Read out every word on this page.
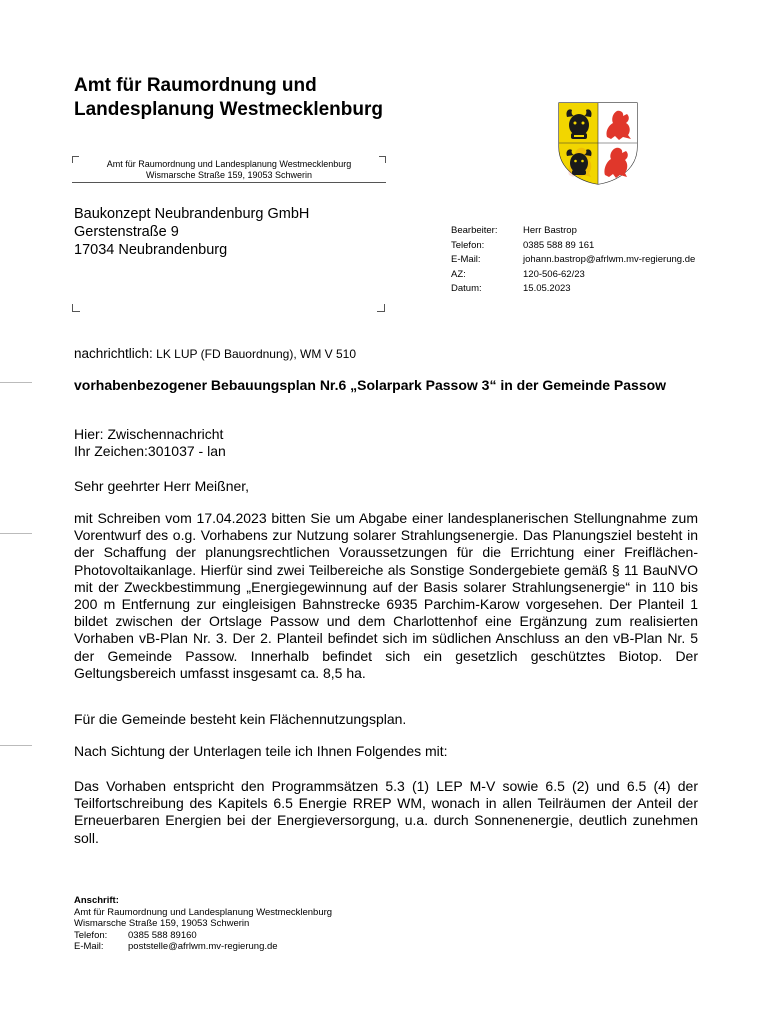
Amt für Raumordnung und
Landesplanung Westmecklenburg
Amt für Raumordnung und Landesplanung Westmecklenburg
Wismarsche Straße 159, 19053 Schwerin
Baukonzept Neubrandenburg GmbH
Gerstenstraße 9
17034 Neubrandenburg
Bearbeiter:	Herr Bastrop
Telefon:	0385 588 89 161
E-Mail:	johann.bastrop@afrlwm.mv-regierung.de
AZ:	120-506-62/23
Datum:	15.05.2023
nachrichtlich: LK LUP (FD Bauordnung), WM V 510
vorhabenbezogener Bebauungsplan Nr.6 „Solarpark Passow 3“ in der Gemeinde Passow
Hier: Zwischennachricht
Ihr Zeichen:301037 - lan
Sehr geehrter Herr Meißner,
mit Schreiben vom 17.04.2023 bitten Sie um Abgabe einer landesplanerischen Stellungnahme zum Vorentwurf des o.g. Vorhabens zur Nutzung solarer Strahlungsenergie. Das Planungsziel besteht in der Schaffung der planungsrechtlichen Voraussetzungen für die Errichtung einer Freiflächen-Photovoltaikanlage. Hierfür sind zwei Teilbereiche als Sonstige Sondergebiete gemäß § 11 BauNVO mit der Zweckbestimmung „Energiegewinnung auf der Basis solarer Strahlungsenergie“ in 110 bis 200 m Entfernung zur eingleisigen Bahnstrecke 6935 Parchim-Karow vorgesehen. Der Planteil 1 bildet zwischen der Ortslage Passow und dem Charlottenhof eine Ergänzung zum realisierten Vorhaben vB-Plan Nr. 3. Der 2. Planteil befindet sich im südlichen Anschluss an den vB-Plan Nr. 5 der Gemeinde Passow. Innerhalb befindet sich ein gesetzlich geschütztes Biotop. Der Geltungsbereich umfasst insgesamt ca. 8,5 ha.
Für die Gemeinde besteht kein Flächennutzungsplan.
Nach Sichtung der Unterlagen teile ich Ihnen Folgendes mit:
Das Vorhaben entspricht den Programmsätzen 5.3 (1) LEP M-V sowie 6.5 (2) und 6.5 (4) der Teilfortschreibung des Kapitels 6.5 Energie RREP WM, wonach in allen Teilräumen der Anteil der Erneuerbaren Energien bei der Energieversorgung, u.a. durch Sonnenenergie, deutlich zunehmen soll.
Anschrift:
Amt für Raumordnung und Landesplanung Westmecklenburg
Wismarsche Straße 159, 19053 Schwerin
Telefon:	0385 588 89160
E-Mail:	poststelle@afrlwm.mv-regierung.de
